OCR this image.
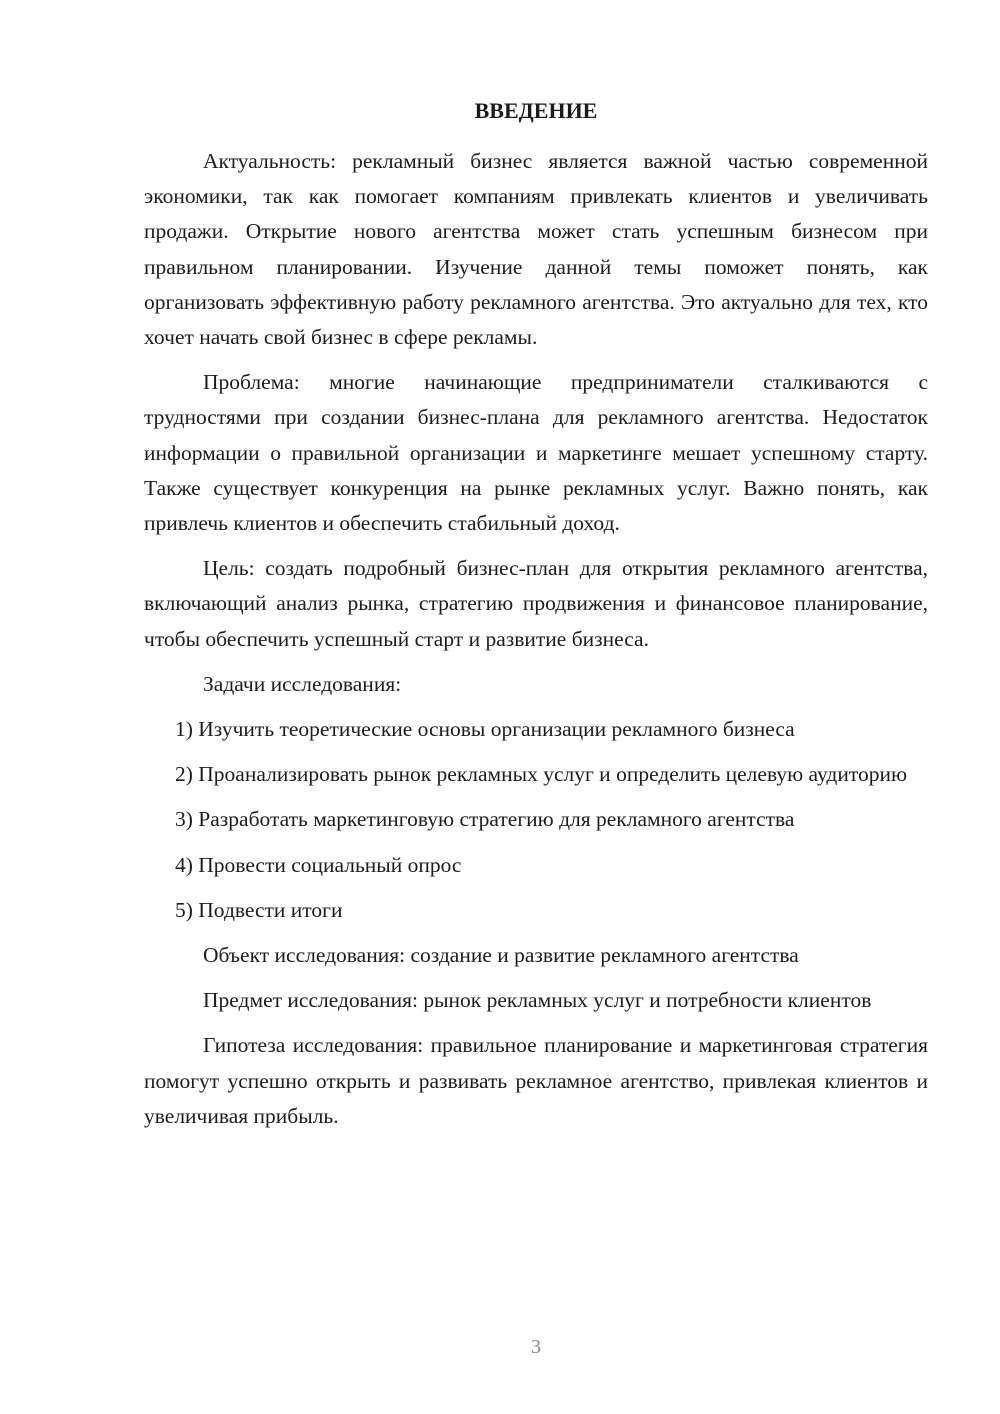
ВВЕДЕНИЕ

Актуальность: рекламный бизнес является важной частью современной экономики, так как помогает компаниям привлекать клиентов и увеличивать продажи. Открытие нового агентства может стать успешным бизнесом при правильном планировании. Изучение данной темы поможет понять, как организовать эффективную работу рекламного агентства. Это актуально для тех, кто хочет начать свой бизнес в сфере рекламы.

Проблема: многие начинающие предприниматели сталкиваются с трудностями при создании бизнес-плана для рекламного агентства. Недостаток информации о правильной организации и маркетинге мешает успешному старту. Также существует конкуренция на рынке рекламных услуг. Важно понять, как привлечь клиентов и обеспечить стабильный доход.

Цель: создать подробный бизнес-план для открытия рекламного агентства, включающий анализ рынка, стратегию продвижения и финансовое планирование, чтобы обеспечить успешный старт и развитие бизнеса.

Задачи исследования:

1) Изучить теоретические основы организации рекламного бизнеса

2) Проанализировать рынок рекламных услуг и определить целевую аудиторию

3) Разработать маркетинговую стратегию для рекламного агентства

4) Провести социальный опрос

5) Подвести итоги

Объект исследования: создание и развитие рекламного агентства

Предмет исследования: рынок рекламных услуг и потребности клиентов

Гипотеза исследования: правильное планирование и маркетинговая стратегия помогут успешно открыть и развивать рекламное агентство, привлекая клиентов и увеличивая прибыль.

3
